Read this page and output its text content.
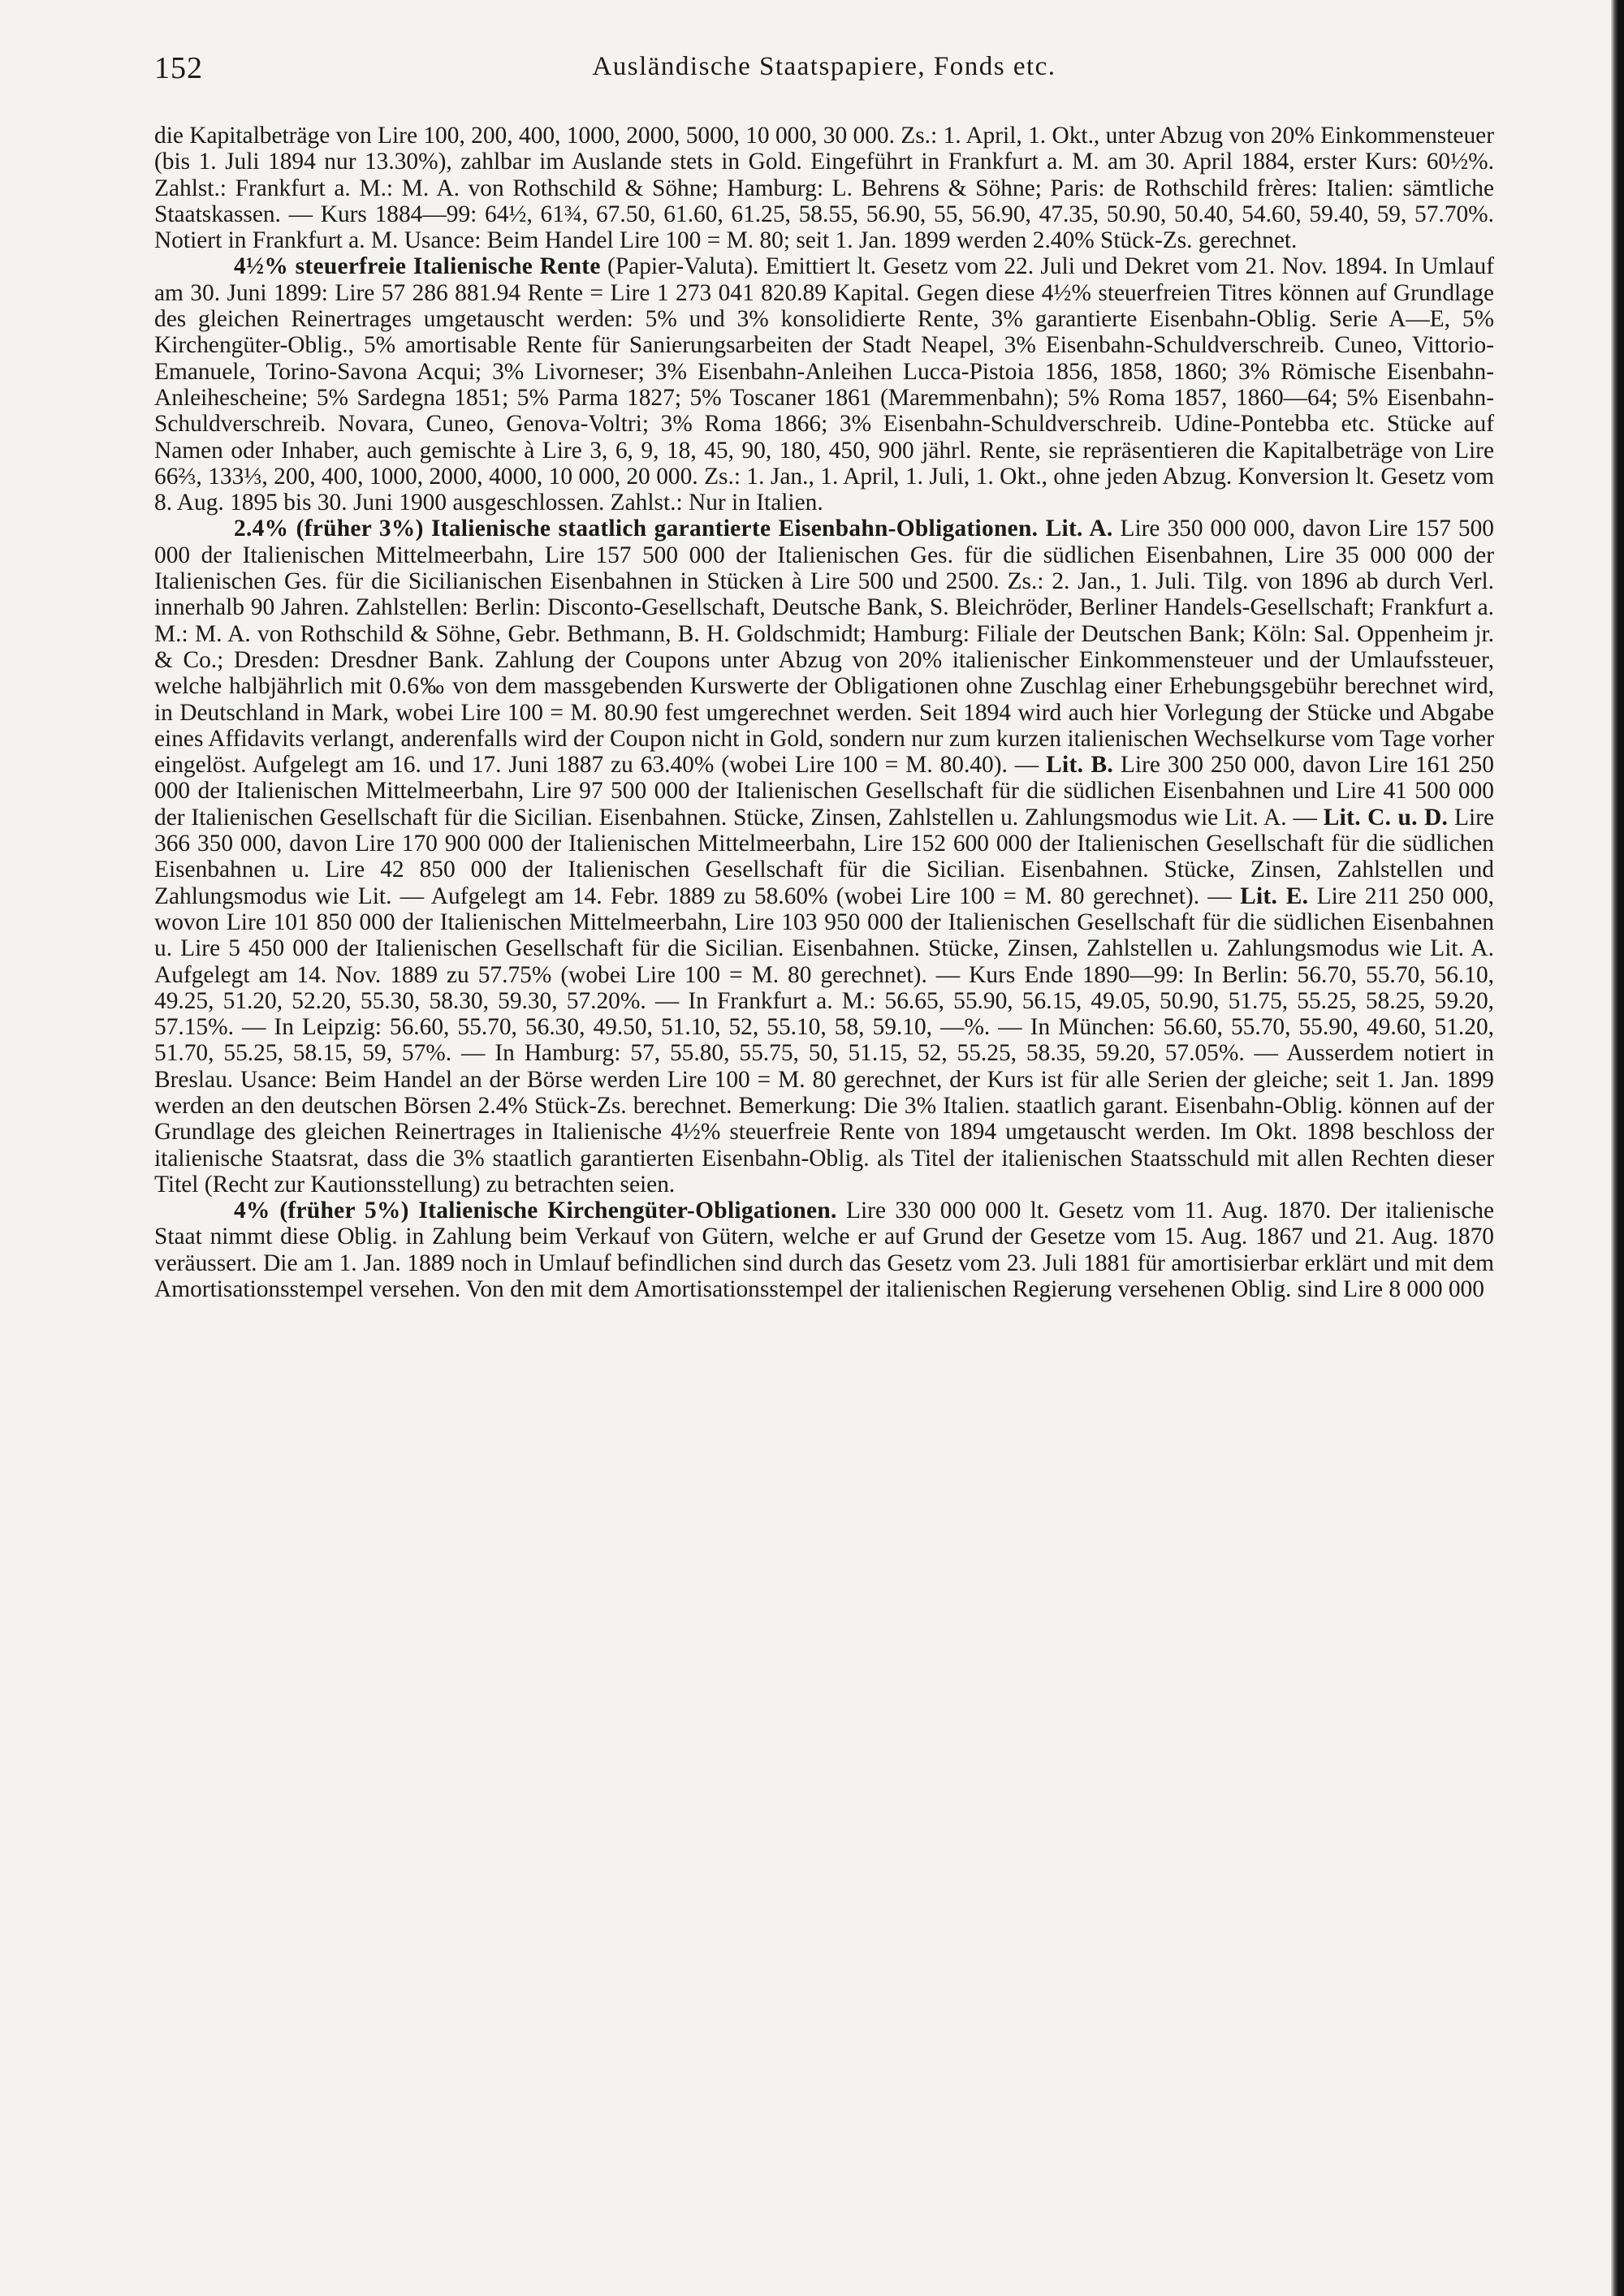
152	Ausländische Staatspapiere, Fonds etc.

die Kapitalbeträge von Lire 100, 200, 400, 1000, 2000, 5000, 10 000, 30 000. Zs.: 1. April, 1. Okt., unter Abzug von 20% Einkommensteuer (bis 1. Juli 1894 nur 13.30%), zahlbar im Auslande stets in Gold. Eingeführt in Frankfurt a. M. am 30. April 1884, erster Kurs: 60½%. Zahlst.: Frankfurt a. M.: M. A. von Rothschild & Söhne; Hamburg: L. Behrens & Söhne; Paris: de Rothschild frères: Italien: sämtliche Staatskassen. — Kurs 1884—99: 64½, 61¾, 67.50, 61.60, 61.25, 58.55, 56.90, 55, 56.90, 47.35, 50.90, 50.40, 54.60, 59.40, 59, 57.70%. Notiert in Frankfurt a. M. Usance: Beim Handel Lire 100 = M. 80; seit 1. Jan. 1899 werden 2.40% Stück-Zs. gerechnet.

4½% steuerfreie Italienische Rente (Papier-Valuta). Emittiert lt. Gesetz vom 22. Juli und Dekret vom 21. Nov. 1894. In Umlauf am 30. Juni 1899: Lire 57 286 881.94 Rente = Lire 1 273 041 820.89 Kapital. Gegen diese 4½% steuerfreien Titres können auf Grundlage des gleichen Reinertrages umgetauscht werden: 5% und 3% konsolidierte Rente, 3% garantierte Eisenbahn-Oblig. Serie A—E, 5% Kirchengüter-Oblig., 5% amortisable Rente für Sanierungsarbeiten der Stadt Neapel, 3% Eisenbahn-Schuldverschreib. Cuneo, Vittorio-Emanuele, Torino-Savona Acqui; 3% Livorneser; 3% Eisenbahn-Anleihen Lucca-Pistoia 1856, 1858, 1860; 3% Römische Eisenbahn-Anleihescheine; 5% Sardegna 1851; 5% Parma 1827; 5% Toscaner 1861 (Maremmenbahn); 5% Roma 1857, 1860—64; 5% Eisenbahn-Schuldverschreib. Novara, Cuneo, Genova-Voltri; 3% Roma 1866; 3% Eisenbahn-Schuldverschreib. Udine-Pontebba etc. Stücke auf Namen oder Inhaber, auch gemischte à Lire 3, 6, 9, 18, 45, 90, 180, 450, 900 jährl. Rente, sie repräsentieren die Kapitalbeträge von Lire 66⅔, 133⅓, 200, 400, 1000, 2000, 4000, 10 000, 20 000. Zs.: 1. Jan., 1. April, 1. Juli, 1. Okt., ohne jeden Abzug. Konversion lt. Gesetz vom 8. Aug. 1895 bis 30. Juni 1900 ausgeschlossen. Zahlst.: Nur in Italien.

2.4% (früher 3%) Italienische staatlich garantierte Eisenbahn-Obligationen. Lit. A. Lire 350 000 000, davon Lire 157 500 000 der Italienischen Mittelmeerbahn, Lire 157 500 000 der Italienischen Ges. für die südlichen Eisenbahnen, Lire 35 000 000 der Italienischen Ges. für die Sicilianischen Eisenbahnen in Stücken à Lire 500 und 2500. Zs.: 2. Jan., 1. Juli. Tilg. von 1896 ab durch Verl. innerhalb 90 Jahren. Zahlstellen: Berlin: Disconto-Gesellschaft, Deutsche Bank, S. Bleichröder, Berliner Handels-Gesellschaft; Frankfurt a. M.: M. A. von Rothschild & Söhne, Gebr. Bethmann, B. H. Goldschmidt; Hamburg: Filiale der Deutschen Bank; Köln: Sal. Oppenheim jr. & Co.; Dresden: Dresdner Bank. Zahlung der Coupons unter Abzug von 20% italienischer Einkommensteuer und der Umlaufssteuer, welche halbjährlich mit 0.6‰ von dem massgebenden Kurswerte der Obligationen ohne Zuschlag einer Erhebungsgebühr berechnet wird, in Deutschland in Mark, wobei Lire 100 = M. 80.90 fest umgerechnet werden. Seit 1894 wird auch hier Vorlegung der Stücke und Abgabe eines Affidavits verlangt, anderenfalls wird der Coupon nicht in Gold, sondern nur zum kurzen italienischen Wechselkurse vom Tage vorher eingelöst. Aufgelegt am 16. und 17. Juni 1887 zu 63.40% (wobei Lire 100 = M. 80.40). — Lit. B. Lire 300 250 000, davon Lire 161 250 000 der Italienischen Mittelmeerbahn, Lire 97 500 000 der Italienischen Gesellschaft für die südlichen Eisenbahnen und Lire 41 500 000 der Italienischen Gesellschaft für die Sicilian. Eisenbahnen. Stücke, Zinsen, Zahlstellen u. Zahlungsmodus wie Lit. A. — Lit. C. u. D. Lire 366 350 000, davon Lire 170 900 000 der Italienischen Mittelmeerbahn, Lire 152 600 000 der Italienischen Gesellschaft für die südlichen Eisenbahnen u. Lire 42 850 000 der Italienischen Gesellschaft für die Sicilian. Eisenbahnen. Stücke, Zinsen, Zahlstellen und Zahlungsmodus wie Lit. — Aufgelegt am 14. Febr. 1889 zu 58.60% (wobei Lire 100 = M. 80 gerechnet). — Lit. E. Lire 211 250 000, wovon Lire 101 850 000 der Italienischen Mittelmeerbahn, Lire 103 950 000 der Italienischen Gesellschaft für die südlichen Eisenbahnen u. Lire 5 450 000 der Italienischen Gesellschaft für die Sicilian. Eisenbahnen. Stücke, Zinsen, Zahlstellen u. Zahlungsmodus wie Lit. A. Aufgelegt am 14. Nov. 1889 zu 57.75% (wobei Lire 100 = M. 80 gerechnet). — Kurs Ende 1890—99: In Berlin: 56.70, 55.70, 56.10, 49.25, 51.20, 52.20, 55.30, 58.30, 59.30, 57.20%. — In Frankfurt a. M.: 56.65, 55.90, 56.15, 49.05, 50.90, 51.75, 55.25, 58.25, 59.20, 57.15%. — In Leipzig: 56.60, 55.70, 56.30, 49.50, 51.10, 52, 55.10, 58, 59.10, —%. — In München: 56.60, 55.70, 55.90, 49.60, 51.20, 51.70, 55.25, 58.15, 59, 57%. — In Hamburg: 57, 55.80, 55.75, 50, 51.15, 52, 55.25, 58.35, 59.20, 57.05%. — Ausserdem notiert in Breslau. Usance: Beim Handel an der Börse werden Lire 100 = M. 80 gerechnet, der Kurs ist für alle Serien der gleiche; seit 1. Jan. 1899 werden an den deutschen Börsen 2.4% Stück-Zs. berechnet. Bemerkung: Die 3% Italien. staatlich garant. Eisenbahn-Oblig. können auf der Grundlage des gleichen Reinertrages in Italienische 4½% steuerfreie Rente von 1894 umgetauscht werden. Im Okt. 1898 beschloss der italienische Staatsrat, dass die 3% staatlich garantierten Eisenbahn-Oblig. als Titel der italienischen Staatsschuld mit allen Rechten dieser Titel (Recht zur Kautionsstellung) zu betrachten seien.

4% (früher 5%) Italienische Kirchengüter-Obligationen. Lire 330 000 000 lt. Gesetz vom 11. Aug. 1870. Der italienische Staat nimmt diese Oblig. in Zahlung beim Verkauf von Gütern, welche er auf Grund der Gesetze vom 15. Aug. 1867 und 21. Aug. 1870 veräussert. Die am 1. Jan. 1889 noch in Umlauf befindlichen sind durch das Gesetz vom 23. Juli 1881 für amortisierbar erklärt und mit dem Amortisationsstempel versehen. Von den mit dem Amortisationsstempel der italienischen Regierung versehenen Oblig. sind Lire 8 000 000
